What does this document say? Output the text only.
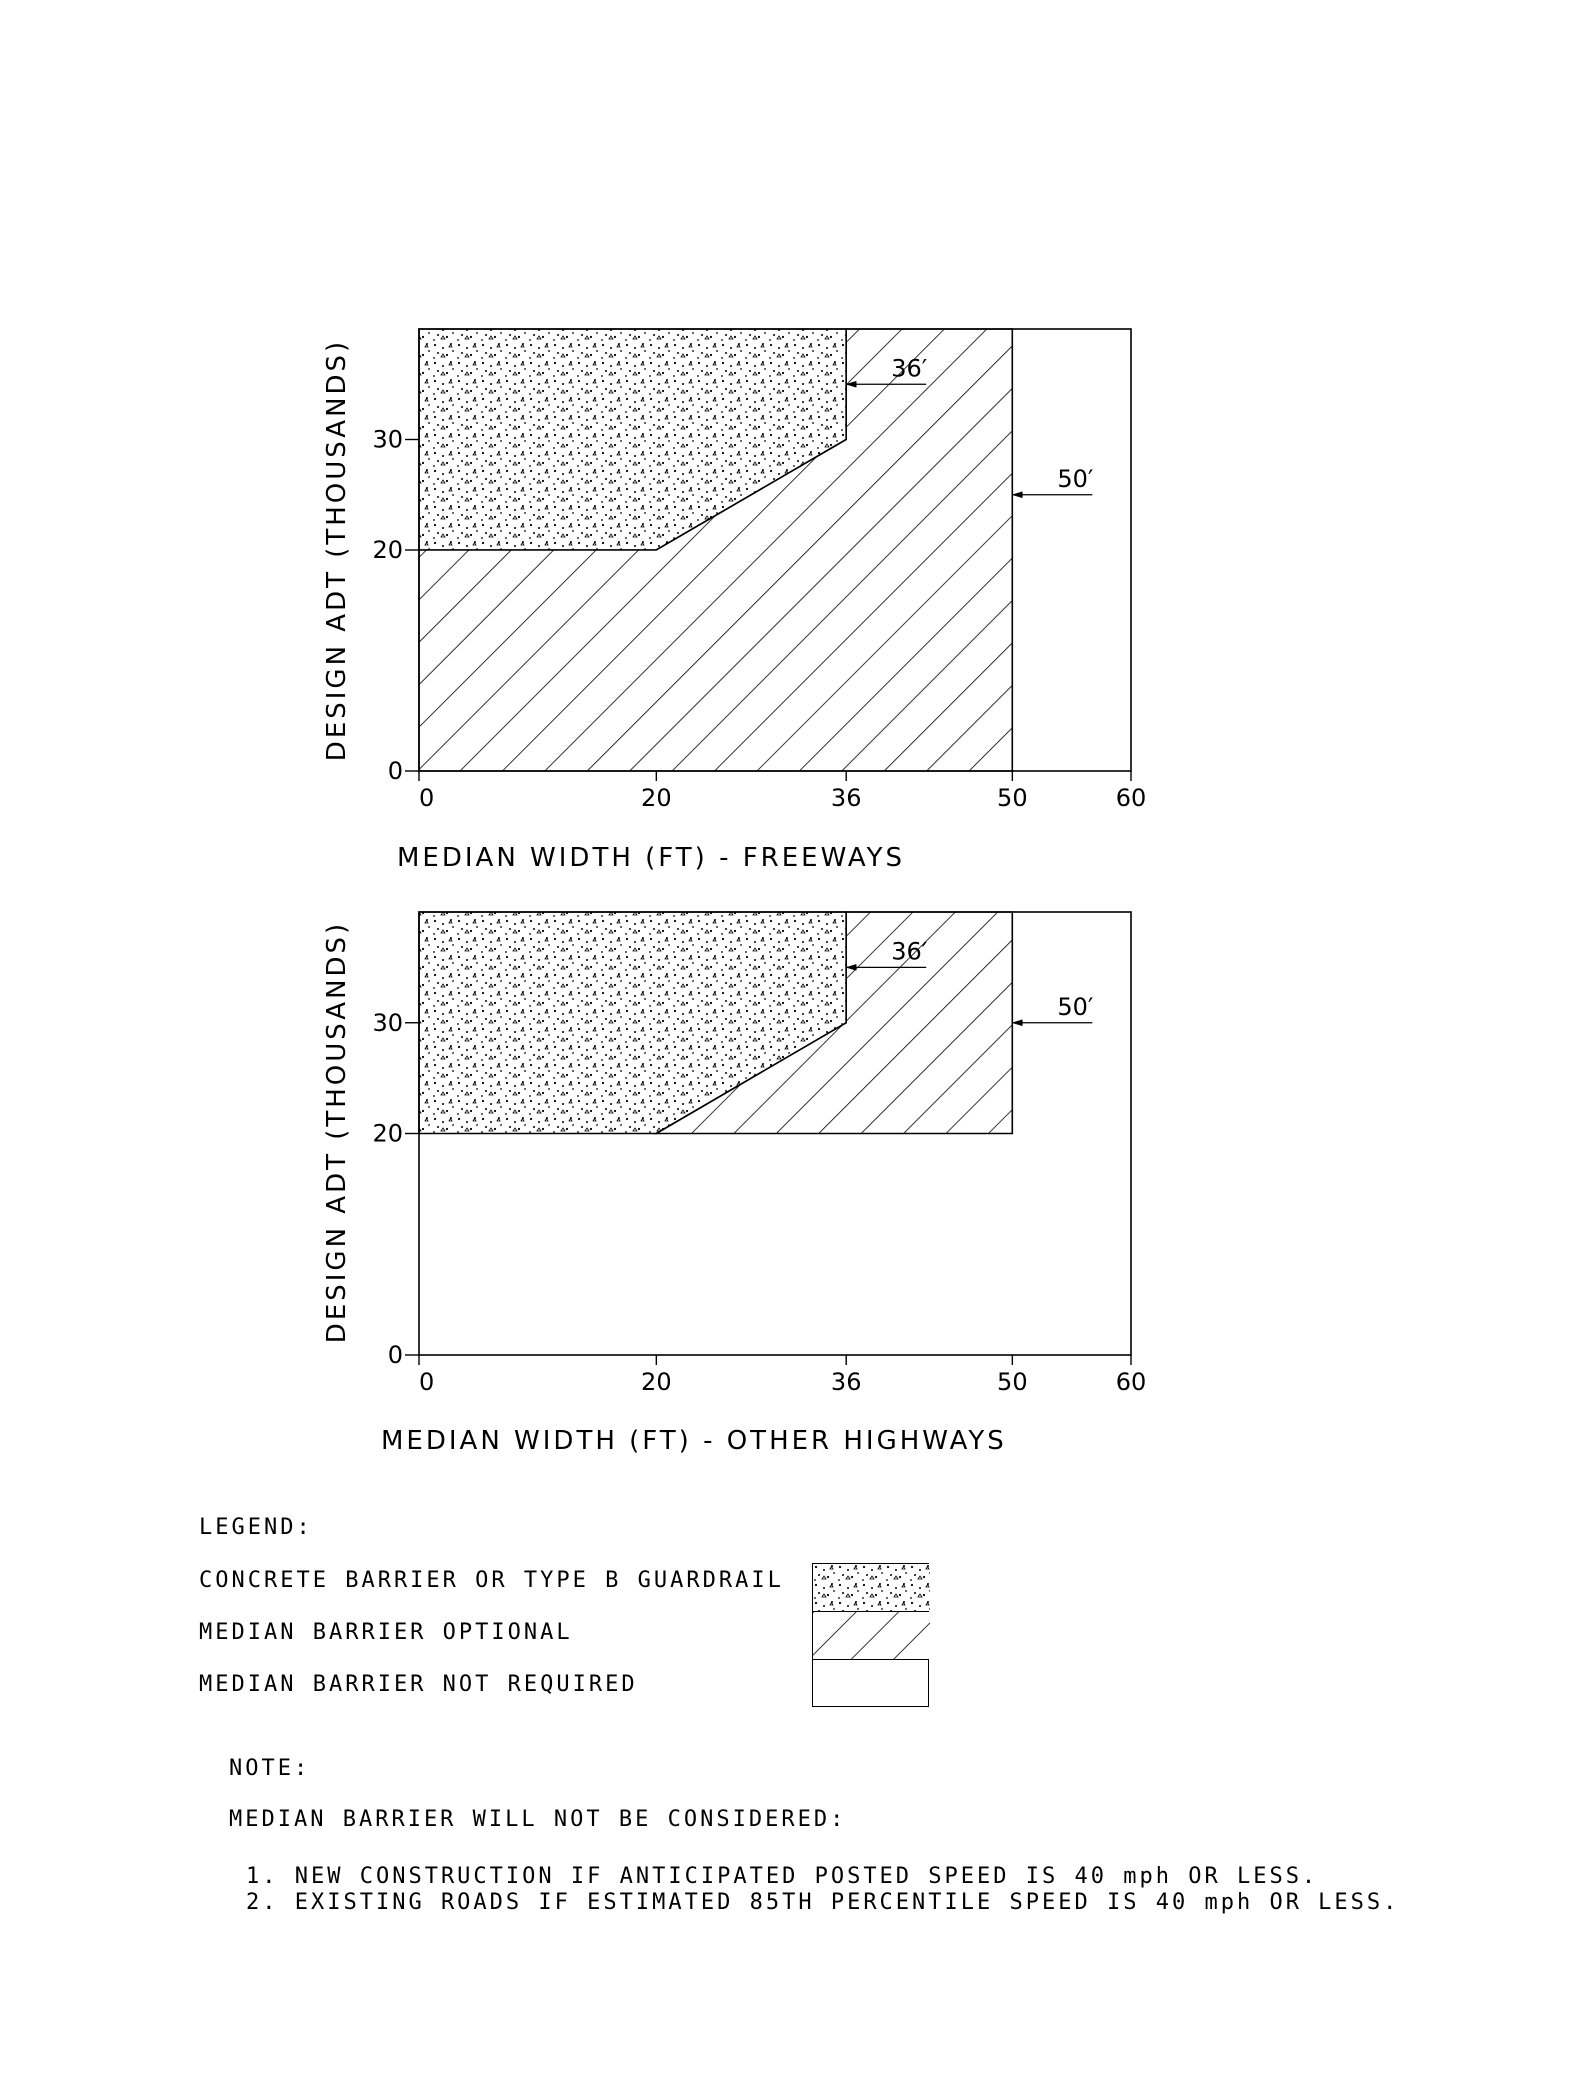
0	20	36	50	60
0
20
30
36′
50′
MEDIAN WIDTH (FT) - FREEWAYS
DESIGN ADT (THOUSANDS)
0	20	36	50	60
0
20
30
36′
50′
MEDIAN WIDTH (FT) - OTHER HIGHWAYS
DESIGN ADT (THOUSANDS)
LEGEND:
CONCRETE BARRIER OR TYPE B GUARDRAIL
MEDIAN BARRIER OPTIONAL
MEDIAN BARRIER NOT REQUIRED
NOTE:
MEDIAN BARRIER WILL NOT BE CONSIDERED:
1. NEW CONSTRUCTION IF ANTICIPATED POSTED SPEED IS 40 mph OR LESS.
2. EXISTING ROADS IF ESTIMATED 85TH PERCENTILE SPEED IS 40 mph OR LESS.
